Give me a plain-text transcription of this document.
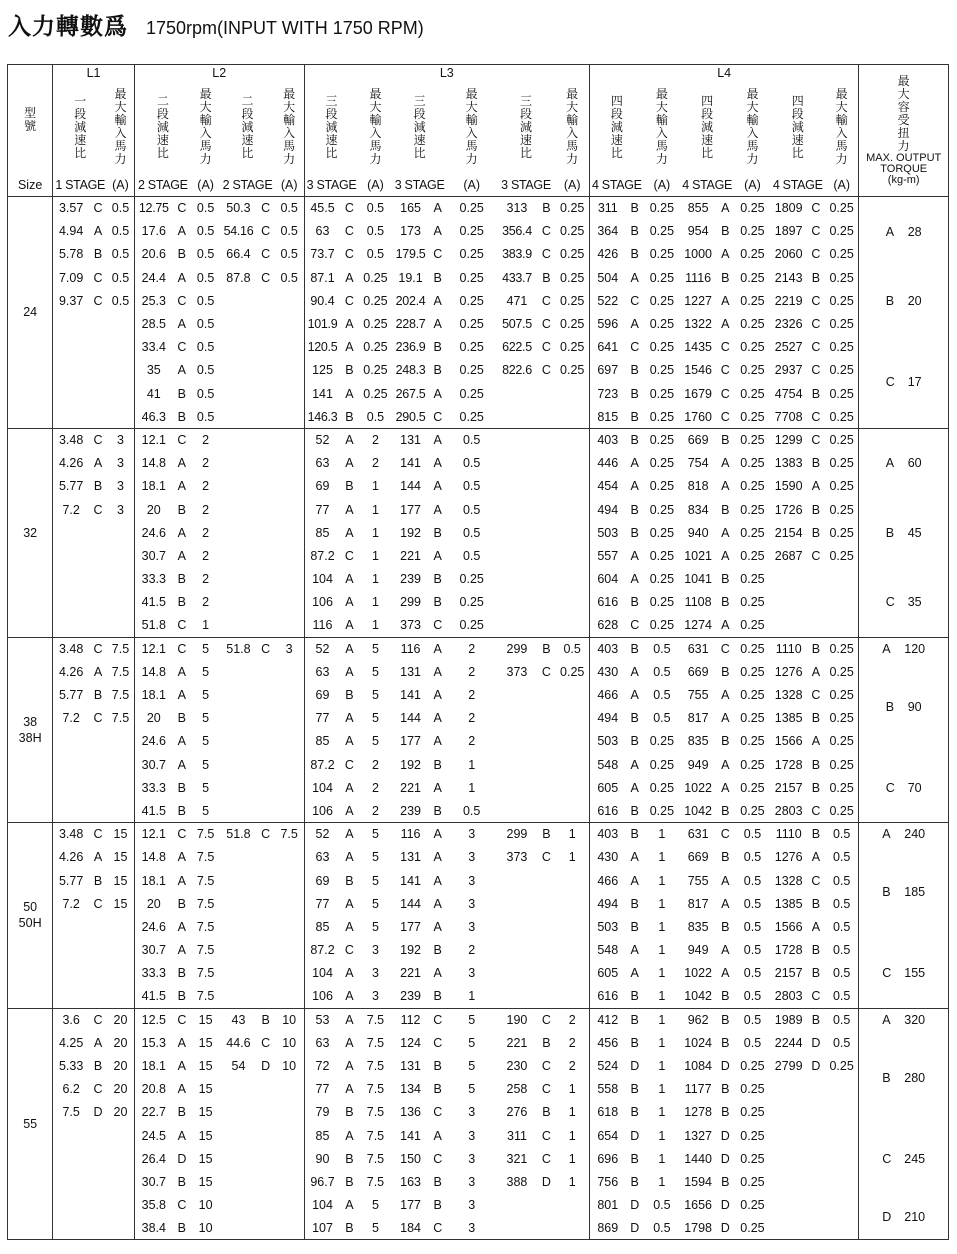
入力轉數爲 1750rpm(INPUT WITH 1750 RPM)
型號	L1			L2						L3									L4									最大容受扭力
MAX. OUTPUT TORQUE
(kg-m)

	一段減速比		最大輸入馬力	二段減速比		最大輸入馬力	二段減速比		最大輸入馬力	三段減速比		最大輸入馬力	三段減速比		最大輸入馬力	三段減速比		最大輸入馬力	四段減速比		最大輸入馬力	四段減速比		最大輸入馬力	四段減速比		最大輸入馬力	

Size	1 STAGE		(A)	2 STAGE		(A)	2 STAGE		(A)	3 STAGE		(A)	3 STAGE		(A)	3 STAGE		(A)	4 STAGE		(A)	4 STAGE		(A)	4 STAGE		(A)	
24	3.57	C	0.5	12.75	C	0.5	50.3	C	0.5	45.5	C	0.5	165	A	0.25	313	B	0.25	311	B	0.25	855	A	0.25	1809	C	0.25	A 28
	4.94	A	0.5	17.6	A	0.5	54.16	C	0.5	63	C	0.5	173	A	0.25	356.4	C	0.25	364	B	0.25	954	B	0.25	1897	C	0.25	
	5.78	B	0.5	20.6	B	0.5	66.4	C	0.5	73.7	C	0.5	179.5	C	0.25	383.9	C	0.25	426	B	0.25	1000	A	0.25	2060	C	0.25	
	7.09	C	0.5	24.4	A	0.5	87.8	C	0.5	87.1	A	0.25	19.1	B	0.25	433.7	B	0.25	504	A	0.25	1116	B	0.25	2143	B	0.25	B 20
	9.37	C	0.5	25.3	C	0.5				90.4	C	0.25	202.4	A	0.25	471	C	0.25	522	C	0.25	1227	A	0.25	2219	C	0.25	
				28.5	A	0.5				101.9	A	0.25	228.7	A	0.25	507.5	C	0.25	596	A	0.25	1322	A	0.25	2326	C	0.25	
				33.4	C	0.5				120.5	A	0.25	236.9	B	0.25	622.5	C	0.25	641	C	0.25	1435	C	0.25	2527	C	0.25	C 17
				35	A	0.5				125	B	0.25	248.3	B	0.25	822.6	C	0.25	697	B	0.25	1546	C	0.25	2937	C	0.25	
				41	B	0.5				141	A	0.25	267.5	A	0.25				723	B	0.25	1679	C	0.25	4754	B	0.25	
				46.3	B	0.5				146.3	B	0.5	290.5	C	0.25				815	B	0.25	1760	C	0.25	7708	C	0.25	
32	3.48	C	3	12.1	C	2				52	A	2	131	A	0.5				403	B	0.25	669	B	0.25	1299	C	0.25	A 60
	4.26	A	3	14.8	A	2				63	A	2	141	A	0.5				446	A	0.25	754	A	0.25	1383	B	0.25	
	5.77	B	3	18.1	A	2				69	B	1	144	A	0.5				454	A	0.25	818	A	0.25	1590	A	0.25	
	7.2	C	3	20	B	2				77	A	1	177	A	0.5				494	B	0.25	834	B	0.25	1726	B	0.25	B 45
				24.6	A	2				85	A	1	192	B	0.5				503	B	0.25	940	A	0.25	2154	B	0.25	
				30.7	A	2				87.2	C	1	221	A	0.5				557	A	0.25	1021	A	0.25	2687	C	0.25	
				33.3	B	2				104	A	1	239	B	0.25				604	A	0.25	1041	B	0.25				C 35
				41.5	B	2				106	A	1	299	B	0.25				616	B	0.25	1108	B	0.25				
				51.8	C	1				116	A	1	373	C	0.25				628	C	0.25	1274	A	0.25				
38
38H	3.48	C	7.5	12.1	C	5	51.8	C	3	52	A	5	116	A	2	299	B	0.5	403	B	0.5	631	C	0.25	1110	B	0.25	A 120
	4.26	A	7.5	14.8	A	5				63	A	5	131	A	2	373	C	0.25	430	A	0.5	669	B	0.25	1276	A	0.25	B 90
	5.77	B	7.5	18.1	A	5				69	B	5	141	A	2				466	A	0.5	755	A	0.25	1328	C	0.25	
	7.2	C	7.5	20	B	5				77	A	5	144	A	2				494	B	0.5	817	A	0.25	1385	B	0.25	
				24.6	A	5				85	A	5	177	A	2				503	B	0.25	835	B	0.25	1566	A	0.25	
				30.7	A	5				87.2	C	2	192	B	1				548	A	0.25	949	A	0.25	1728	B	0.25	C 70
				33.3	B	5				104	A	2	221	A	1				605	A	0.25	1022	A	0.25	2157	B	0.25	
				41.5	B	5				106	A	2	239	B	0.5				616	B	0.25	1042	B	0.25	2803	C	0.25	
50
50H	3.48	C	15	12.1	C	7.5	51.8	C	7.5	52	A	5	116	A	3	299	B	1	403	B	1	631	C	0.5	1110	B	0.5	A 240
	4.26	A	15	14.8	A	7.5				63	A	5	131	A	3	373	C	1	430	A	1	669	B	0.5	1276	A	0.5	B 185
	5.77	B	15	18.1	A	7.5				69	B	5	141	A	3				466	A	1	755	A	0.5	1328	C	0.5	
	7.2	C	15	20	B	7.5				77	A	5	144	A	3				494	B	1	817	A	0.5	1385	B	0.5	
				24.6	A	7.5				85	A	5	177	A	3				503	B	1	835	B	0.5	1566	A	0.5	
				30.7	A	7.5				87.2	C	3	192	B	2				548	A	1	949	A	0.5	1728	B	0.5	C 155
				33.3	B	7.5				104	A	3	221	A	3				605	A	1	1022	A	0.5	2157	B	0.5	
				41.5	B	7.5				106	A	3	239	B	1				616	B	1	1042	B	0.5	2803	C	0.5	
55	3.6	C	20	12.5	C	15	43	B	10	53	A	7.5	112	C	5	190	C	2	412	B	1	962	B	0.5	1989	B	0.5	A 320
	4.25	A	20	15.3	A	15	44.6	C	10	63	A	7.5	124	C	5	221	B	2	456	B	1	1024	B	0.5	2244	D	0.5	B 280
	5.33	B	20	18.1	A	15	54	D	10	72	A	7.5	131	B	5	230	C	2	524	D	1	1084	D	0.25	2799	D	0.25	
	6.2	C	20	20.8	A	15				77	A	7.5	134	B	5	258	C	1	558	B	1	1177	B	0.25				
	7.5	D	20	22.7	B	15				79	B	7.5	136	C	3	276	B	1	618	B	1	1278	B	0.25				
				24.5	A	15				85	A	7.5	141	A	3	311	C	1	654	D	1	1327	D	0.25				C 245
				26.4	D	15				90	B	7.5	150	C	3	321	C	1	696	B	1	1440	D	0.25				
				30.7	B	15				96.7	B	7.5	163	B	3	388	D	1	756	B	1	1594	B	0.25				
				35.8	C	10				104	A	5	177	B	3				801	D	0.5	1656	D	0.25				D 210
				38.4	B	10				107	B	5	184	C	3				869	D	0.5	1798	D	0.25				
